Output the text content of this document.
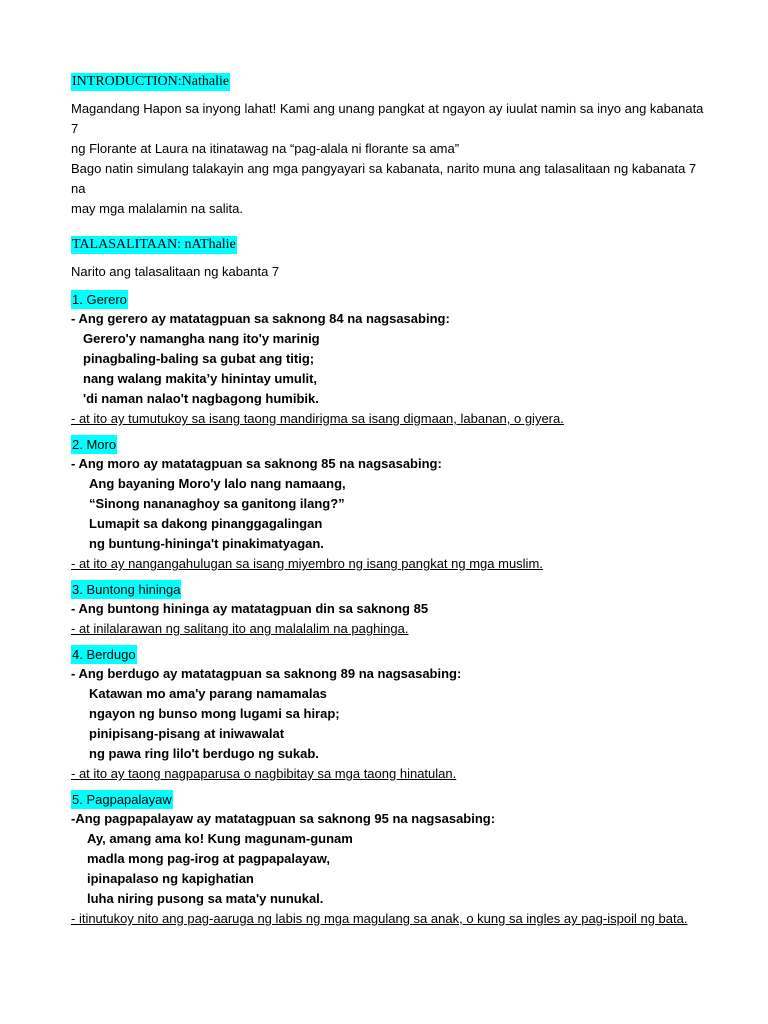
INTRODUCTION:Nathalie

Magandang Hapon sa inyong lahat! Kami ang unang pangkat at ngayon ay iuulat namin sa inyo ang kabanata 7

ng Florante at Laura na itinatawag na “pag-alala ni florante sa ama”

Bago natin simulang talakayin ang mga pangyayari sa kabanata, narito muna ang talasalitaan ng kabanata 7 na

may mga malalamin na salita.

TALASALITAAN: nAThalie

Narito ang talasalitaan ng kabanta 7

1. Gerero
- Ang gerero ay matatagpuan sa saknong 84 na nagsasabing:
Gerero'y namangha nang ito'y marinig
pinagbaling-baling sa gubat ang titig;
nang walang makita’y hinintay umulit,
'di naman nalao't nagbagong humibik.
- at ito ay tumutukoy sa isang taong mandirigma sa isang digmaan, labanan, o giyera.
2. Moro
- Ang moro ay matatagpuan sa saknong 85 na nagsasabing:
Ang bayaning Moro'y lalo nang namaang,
“Sinong nananaghoy sa ganitong ilang?”
Lumapit sa dakong pinanggagalingan
ng buntung-hininga't pinakimatyagan.
- at ito ay nangangahulugan sa isang miyembro ng isang pangkat ng mga muslim.
3. Buntong hininga
- Ang buntong hininga ay matatagpuan din sa saknong 85
- at inilalarawan ng salitang ito ang malalalim na paghinga.
4. Berdugo
- Ang berdugo ay matatagpuan sa saknong 89 na nagsasabing:
Katawan mo ama'y parang namamalas
ngayon ng bunso mong lugami sa hirap;
pinipisang-pisang at iniwawalat
ng pawa ring lilo't berdugo ng sukab.
- at ito ay taong nagpaparusa o nagbibitay sa mga taong hinatulan.
5. Pagpapalayaw
-Ang pagpapalayaw ay matatagpuan sa saknong 95 na nagsasabing:
Ay, amang ama ko! Kung magunam-gunam
madla mong pag-irog at pagpapalayaw,
ipinapalaso ng kapighatian
luha niring pusong sa mata'y nunukal.
- itinutukoy nito ang pag-aaruga ng labis ng mga magulang sa anak, o kung sa ingles ay pag-ispoil ng bata.
